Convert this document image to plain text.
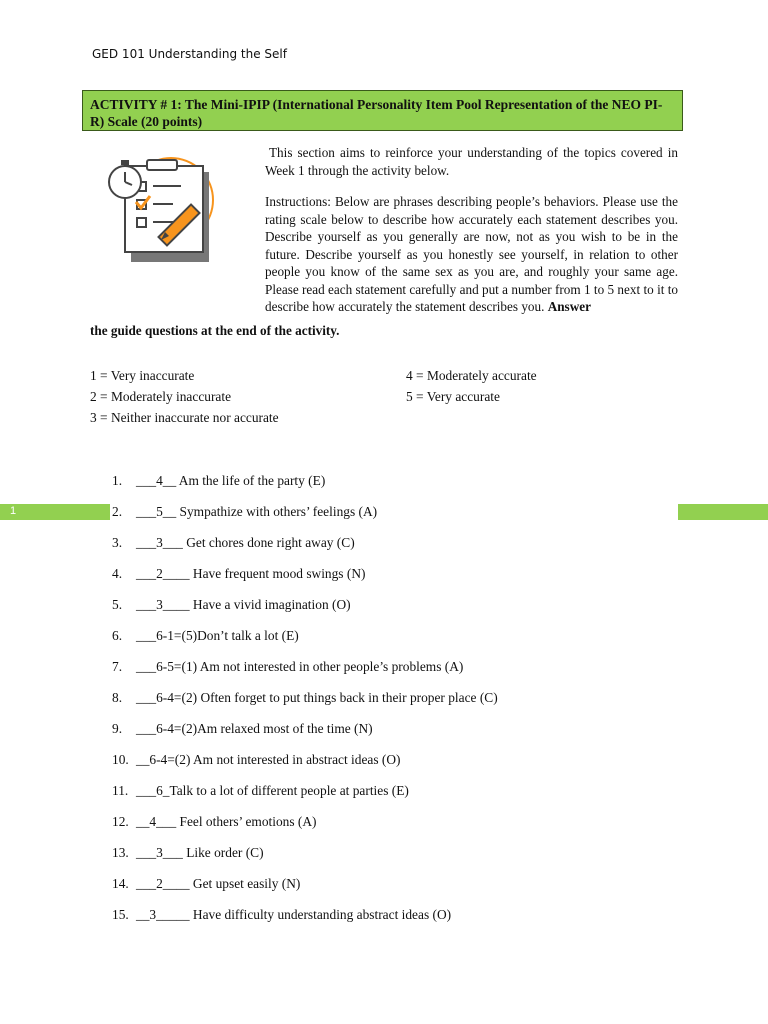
GED 101 Understanding the Self
ACTIVITY # 1: The Mini-IPIP (International Personality Item Pool Representation of the NEO PI-R) Scale (20 points)

This section aims to reinforce your understanding of the topics covered in Week 1 through the activity below.

Instructions: Below are phrases describing people’s behaviors. Please use the rating scale below to describe how accurately each statement describes you. Describe yourself as you generally are now, not as you wish to be in the future. Describe yourself as you honestly see yourself, in relation to other people you know of the same sex as you are, and roughly your same age. Please read each statement carefully and put a number from 1 to 5 next to it to describe how accurately the statement describes you. Answer

the guide questions at the end of the activity.
1 = Very inaccurate
2 = Moderately inaccurate
3 = Neither inaccurate nor accurate
4 = Moderately accurate
5 = Very accurate
1
1. ___4__ Am the life of the party (E)
2. ___5__ Sympathize with others’ feelings (A)
3. ___3___ Get chores done right away (C)
4. ___2____ Have frequent mood swings (N)
5. ___3____ Have a vivid imagination (O)
6. ___6-1=(5)Don’t talk a lot (E)
7. ___6-5=(1) Am not interested in other people’s problems (A)
8. ___6-4=(2) Often forget to put things back in their proper place (C)
9. ___6-4=(2)Am relaxed most of the time (N)
10. __6-4=(2) Am not interested in abstract ideas (O)
11. ___6_Talk to a lot of different people at parties (E)
12. __4___ Feel others’ emotions (A)
13. ___3___ Like order (C)
14. ___2____ Get upset easily (N)
15. __3_____ Have difficulty understanding abstract ideas (O)
